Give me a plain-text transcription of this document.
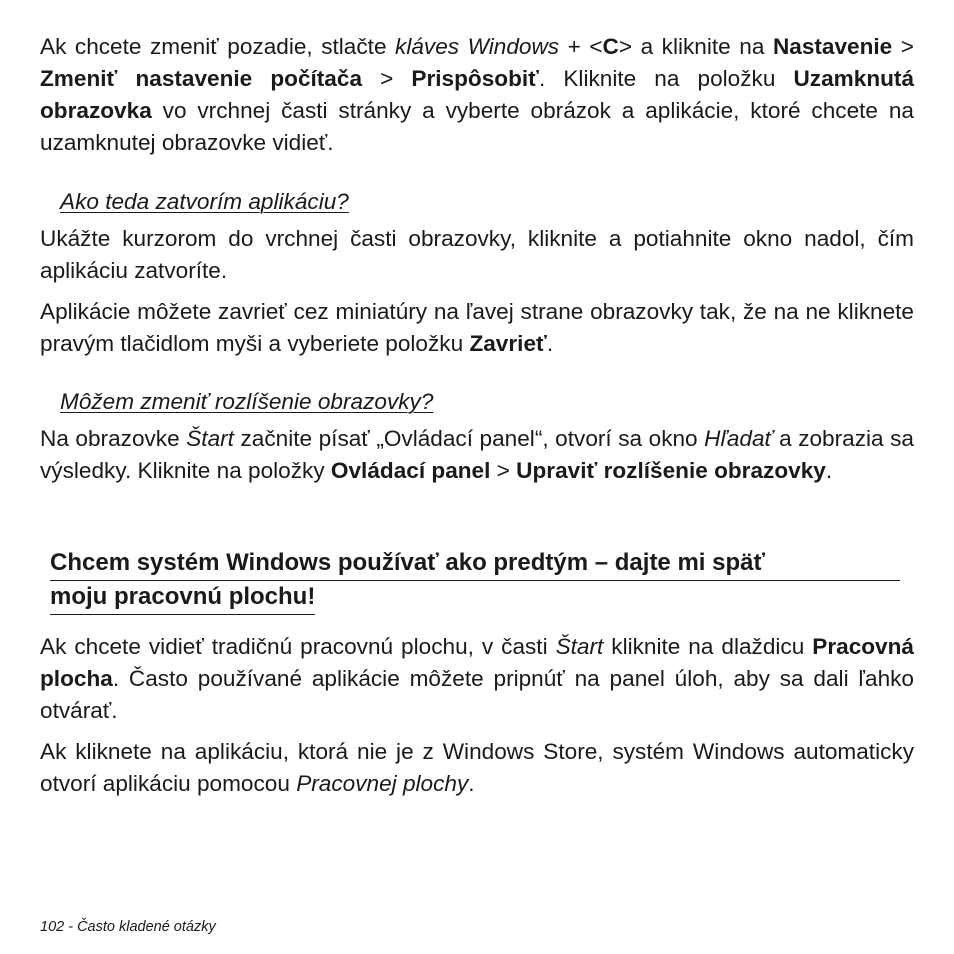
Ak chcete zmeniť pozadie, stlačte kláves Windows + <C> a kliknite na Nastavenie > Zmeniť nastavenie počítača > Prispôsobiť. Kliknite na položku Uzamknutá obrazovka vo vrchnej časti stránky a vyberte obrázok a aplikácie, ktoré chcete na uzamknutej obrazovke vidieť.

Ako teda zatvorím aplikáciu?

Ukážte kurzorom do vrchnej časti obrazovky, kliknite a potiahnite okno nadol, čím aplikáciu zatvoríte.

Aplikácie môžete zavrieť cez miniatúry na ľavej strane obrazovky tak, že na ne kliknete pravým tlačidlom myši a vyberiete položku Zavrieť.

Môžem zmeniť rozlíšenie obrazovky?

Na obrazovke Štart začnite písať „Ovládací panel“, otvorí sa okno Hľadať a zobrazia sa výsledky. Kliknite na položky Ovládací panel > Upraviť rozlíšenie obrazovky.

Chcem systém Windows používať ako predtým – dajte mi späť
moju pracovnú plochu!

Ak chcete vidieť tradičnú pracovnú plochu, v časti Štart kliknite na dlaždicu Pracovná plocha. Často používané aplikácie môžete pripnúť na panel úloh, aby sa dali ľahko otvárať.

Ak kliknete na aplikáciu, ktorá nie je z Windows Store, systém Windows automaticky otvorí aplikáciu pomocou Pracovnej plochy.

102 - Často kladené otázky
